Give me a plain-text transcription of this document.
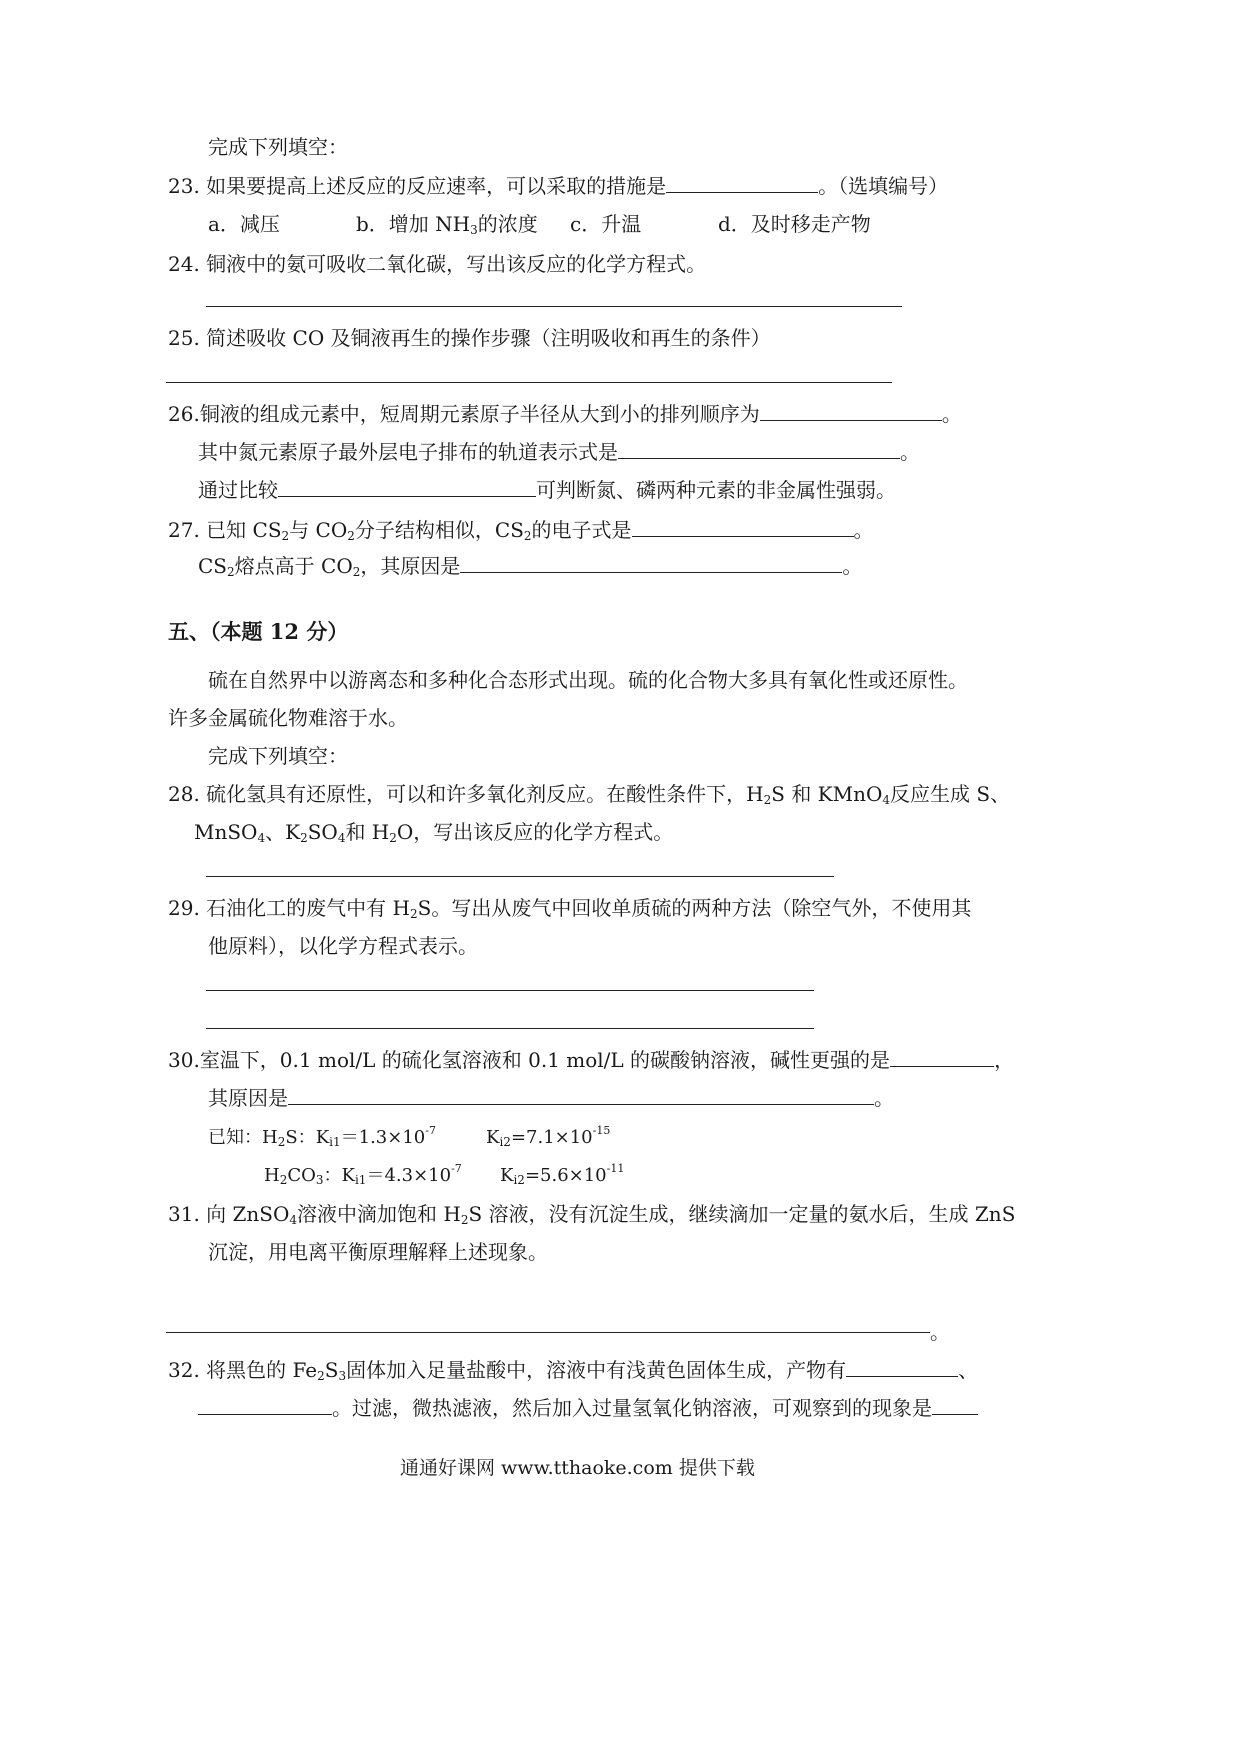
完成下列填空：
23. 如果要提高上述反应的反应速率，可以采取的措施是	。（选填编号）
a．减压	b．增加 $NH_3$的浓度 c．升温	d．及时移走产物
24. 铜液中的氨可吸收二氧化碳，写出该反应的化学方程式。
25. 简述吸收 CO 及铜液再生的操作步骤（注明吸收和再生的条件）
26.铜液的组成元素中，短周期元素原子半径从大到小的排列顺序为	。
其中氮元素原子最外层电子排布的轨道表示式是	。
通过比较	可判断氮、磷两种元素的非金属性强弱。
27. 已知 $CS_2$与 $CO_2$分子结构相似，$CS_2$的电子式是	。
$CS_2$熔点高于 $CO_2$，其原因是	。
五、（本题 12 分）
硫在自然界中以游离态和多种化合态形式出现。硫的化合物大多具有氧化性或还原性。
许多金属硫化物难溶于水。
完成下列填空：
28. 硫化氢具有还原性，可以和许多氧化剂反应。在酸性条件下，$H_2S$ 和 KMnO$_4$反应生成 S、
MnSO$_4$、$K_2SO_4$和 $H_2O$，写出该反应的化学方程式。
29. 石油化工的废气中有 $H_2S$。写出从废气中回收单质硫的两种方法（除空气外，不使用其
他原料），以化学方程式表示。
30.室温下，0.1 mol/L 的硫化氢溶液和 0.1 mol/L 的碳酸钠溶液，碱性更强的是	，
其原因是	。
已知：$H_2S$：$K_{i1}=1.3\times 10^{-7}$	$K_{i2}=7.1\times 10^{-15}$
$H_2CO_3$：$K_{i1}=4.3\times 10^{-7}$ $K_{i2}=5.6\times 10^{-11}$
31. 向 ZnSO$_4$溶液中滴加饱和 $H_2S$ 溶液，没有沉淀生成，继续滴加一定量的氨水后，生成 ZnS
沉淀，用电离平衡原理解释上述现象。
。
32. 将黑色的 $Fe_2S_3$固体加入足量盐酸中，溶液中有浅黄色固体生成，产物有	、
。过滤，微热滤液，然后加入过量氢氧化钠溶液，可观察到的现象是
通通好课网 www.tthaoke.com 提供下载
